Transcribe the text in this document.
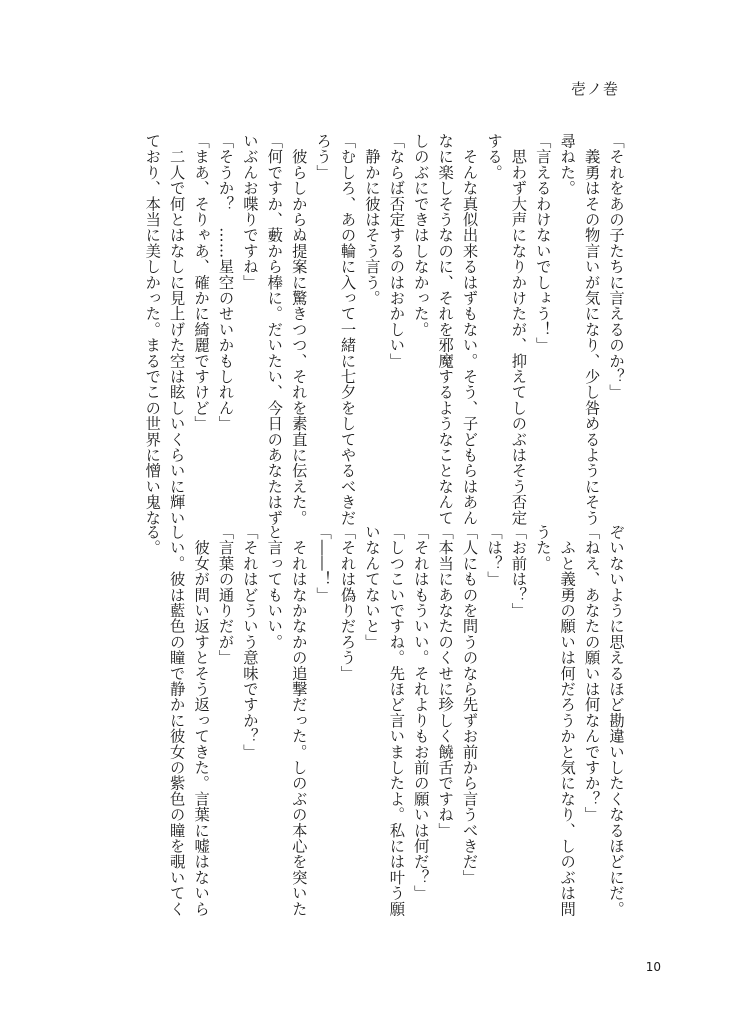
壱ノ巻
「それをあの子たちに言えるのか？」
　義勇はその物言いが気になり、少し咎めるようにそう
尋ねた。
「言えるわけないでしょう！」
　思わず大声になりかけたが、抑えてしのぶはそう否定
する。
　そんな真似出来るはずもない。そう、子どもらはあん
なに楽しそうなのに、それを邪魔するようなことなんて
しのぶにできはしなかった。
「ならば否定するのはおかしい」
　静かに彼はそう言う。
「むしろ、あの輪に入って一緒に七夕をしてやるべきだ
ろう」
　彼らしからぬ提案に驚きつつ、それを素直に伝えた。
「何ですか、藪から棒に。だいたい、今日のあなたはず
いぶんお喋りですね」
「そうか？　……星空のせいかもしれん」
「まあ、そりゃあ、確かに綺麗ですけど」
　二人で何とはなしに見上げた空は眩しいくらいに輝い
ており、本当に美しかった。まるでこの世界に憎い鬼な
ぞいないように思えるほど勘違いしたくなるほどにだ。
「ねえ、あなたの願いは何なんですか？」
　ふと義勇の願いは何だろうかと気になり、しのぶは問
うた。
「お前は？」
「は？」
「人にものを問うのなら先ずお前から言うべきだ」
「本当にあなたのくせに珍しく饒舌ですね」
「それはもういい。それよりもお前の願いは何だ？」
「しつこいですね。先ほど言いましたよ。私には叶う願
いなんてないと」
「それは偽りだろう」
「――！」
　それはなかなかの追撃だった。しのぶの本心を突いた
と言ってもいい。
「それはどういう意味ですか？」
「言葉の通りだが」
　彼女が問い返すとそう返ってきた。言葉に嘘はないら
しい。彼は藍色の瞳で静かに彼女の紫色の瞳を覗いてく
る。
10
